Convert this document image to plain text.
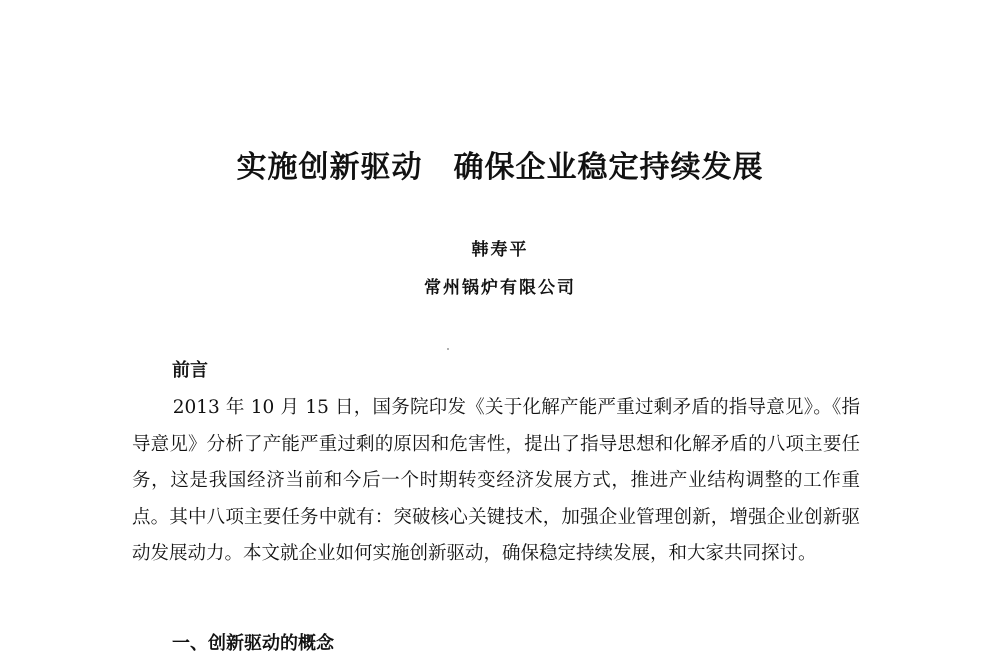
实施创新驱动　确保企业稳定持续发展
韩寿平
常州锅炉有限公司
前言

2013 年 10 月 15 日，国务院印发《关于化解产能严重过剩矛盾的指导意见》。《指导意见》分析了产能严重过剩的原因和危害性，提出了指导思想和化解矛盾的八项主要任务，这是我国经济当前和今后一个时期转变经济发展方式，推进产业结构调整的工作重点。其中八项主要任务中就有：突破核心关键技术，加强企业管理创新，增强企业创新驱动发展动力。本文就企业如何实施创新驱动，确保稳定持续发展，和大家共同探讨。

一、创新驱动的概念
